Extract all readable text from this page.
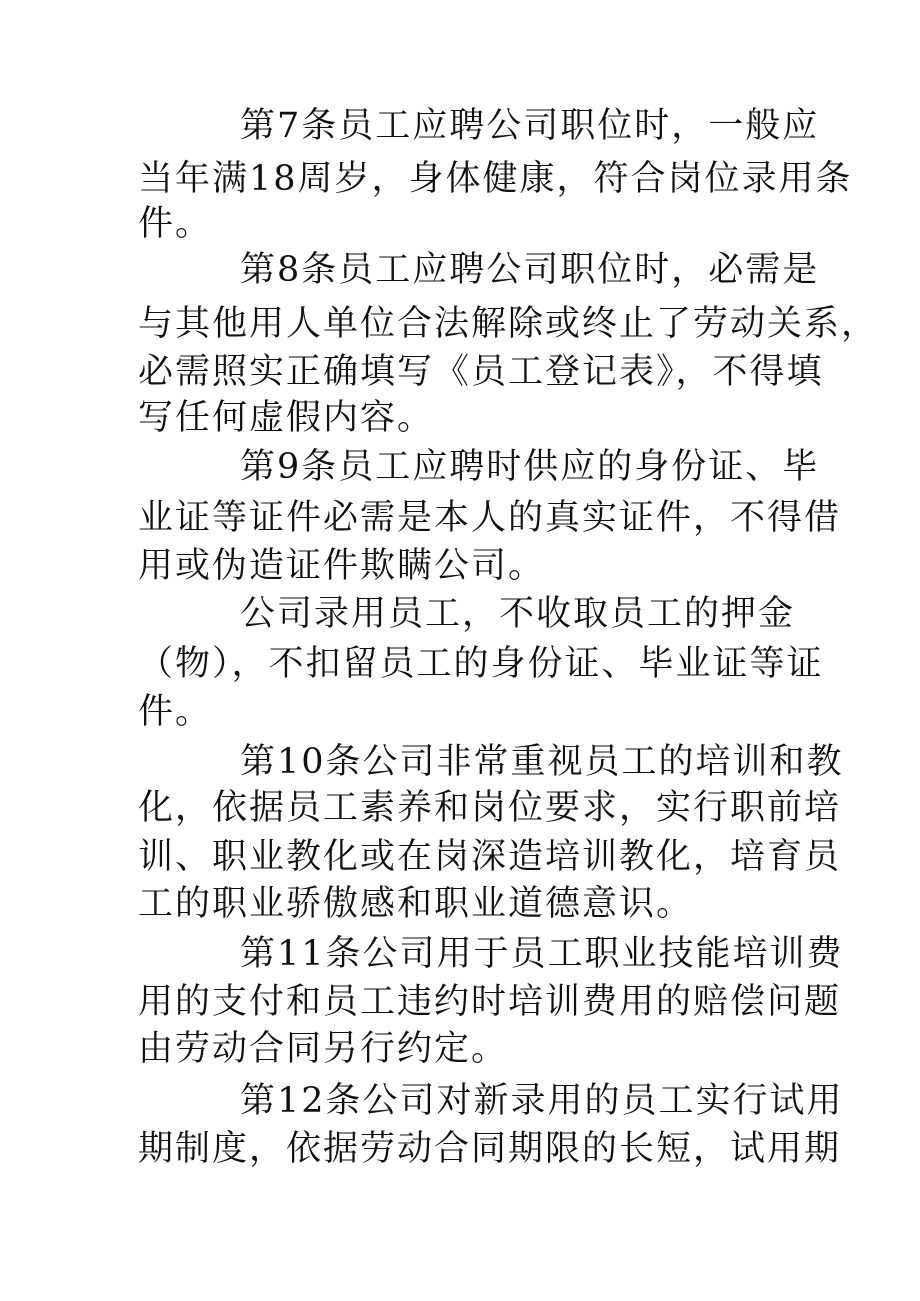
第7条员工应聘公司职位时，一般应
当年满18周岁，身体健康，符合岗位录用条
件。
第8条员工应聘公司职位时，必需是
与其他用人单位合法解除或终止了劳动关系，
必需照实正确填写《员工登记表》，不得填
写任何虚假内容。
第9条员工应聘时供应的身份证、毕
业证等证件必需是本人的真实证件，不得借
用或伪造证件欺瞒公司。
公司录用员工，不收取员工的押金
（物），不扣留员工的身份证、毕业证等证
件。
第10条公司非常重视员工的培训和教
化，依据员工素养和岗位要求，实行职前培
训、职业教化或在岗深造培训教化，培育员
工的职业骄傲感和职业道德意识。
第11条公司用于员工职业技能培训费
用的支付和员工违约时培训费用的赔偿问题
由劳动合同另行约定。
第12条公司对新录用的员工实行试用
期制度，依据劳动合同期限的长短，试用期
